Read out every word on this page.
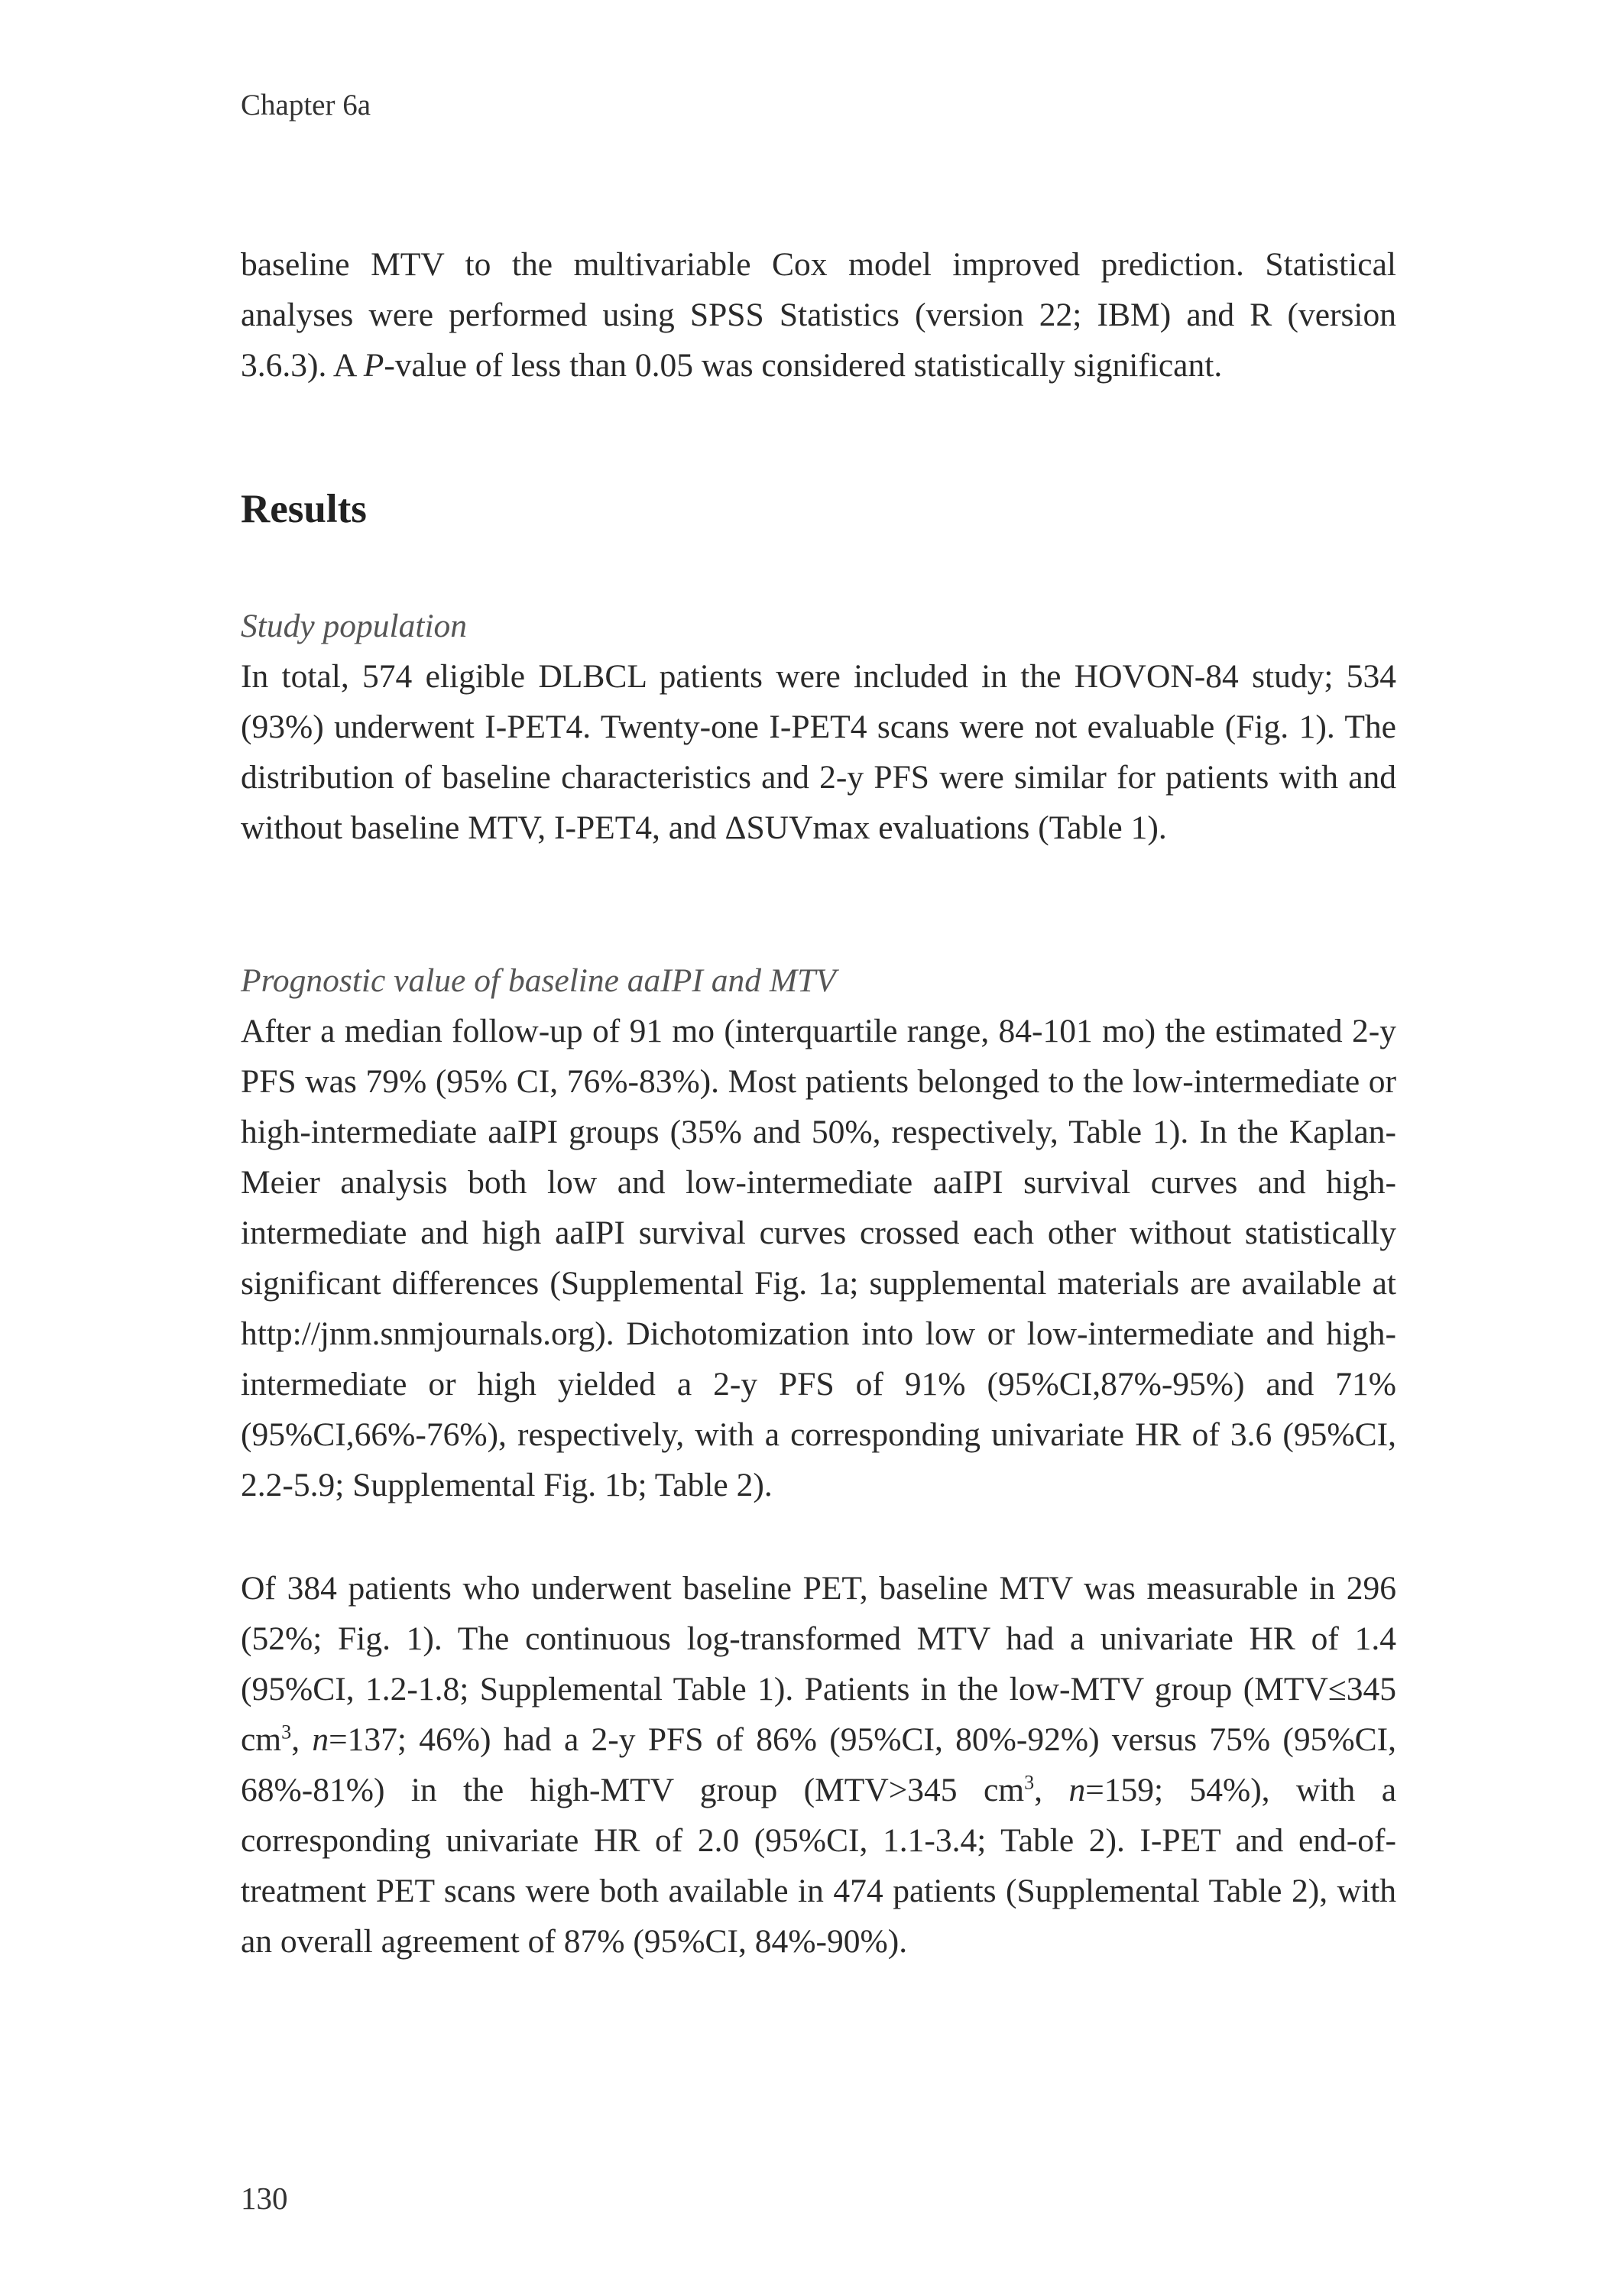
Chapter 6a

baseline MTV to the multivariable Cox model improved prediction. Statistical analyses were performed using SPSS Statistics (version 22; IBM) and R (version 3.6.3). A P-value of less than 0.05 was considered statistically significant.

Results
Study population

In total, 574 eligible DLBCL patients were included in the HOVON-84 study; 534 (93%) underwent I-PET4. Twenty-one I-PET4 scans were not evaluable (Fig. 1). The distribution of baseline characteristics and 2-y PFS were similar for patients with and without baseline MTV, I-PET4, and ΔSUVmax evaluations (Table 1).

Prognostic value of baseline aaIPI and MTV

After a median follow-up of 91 mo (interquartile range, 84-101 mo) the estimated 2-y PFS was 79% (95% CI, 76%-83%). Most patients belonged to the low-intermediate or high-intermediate aaIPI groups (35% and 50%, respectively, Table 1). In the Kaplan-Meier analysis both low and low-intermediate aaIPI survival curves and high-intermediate and high aaIPI survival curves crossed each other without statistically significant differences (Supplemental Fig. 1a; supplemental materials are available at http://jnm.snmjournals.org). Dichotomization into low or low-intermediate and high-intermediate or high yielded a 2-y PFS of 91% (95%CI,87%-95%) and 71% (95%CI,66%-76%), respectively, with a corresponding univariate HR of 3.6 (95%CI, 2.2-5.9; Supplemental Fig. 1b; Table 2).

Of 384 patients who underwent baseline PET, baseline MTV was measurable in 296 (52%; Fig. 1). The continuous log-transformed MTV had a univariate HR of 1.4 (95%CI, 1.2-1.8; Supplemental Table 1). Patients in the low-MTV group (MTV≤345 $cm^3$, n=137; 46%) had a 2-y PFS of 86% (95%CI, 80%-92%) versus 75% (95%CI, 68%-81%) in the high-MTV group (MTV>345 $cm^3$, n=159; 54%), with a corresponding univariate HR of 2.0 (95%CI, 1.1-3.4; Table 2). I-PET and end-of-treatment PET scans were both available in 474 patients (Supplemental Table 2), with an overall agreement of 87% (95%CI, 84%-90%).

130
